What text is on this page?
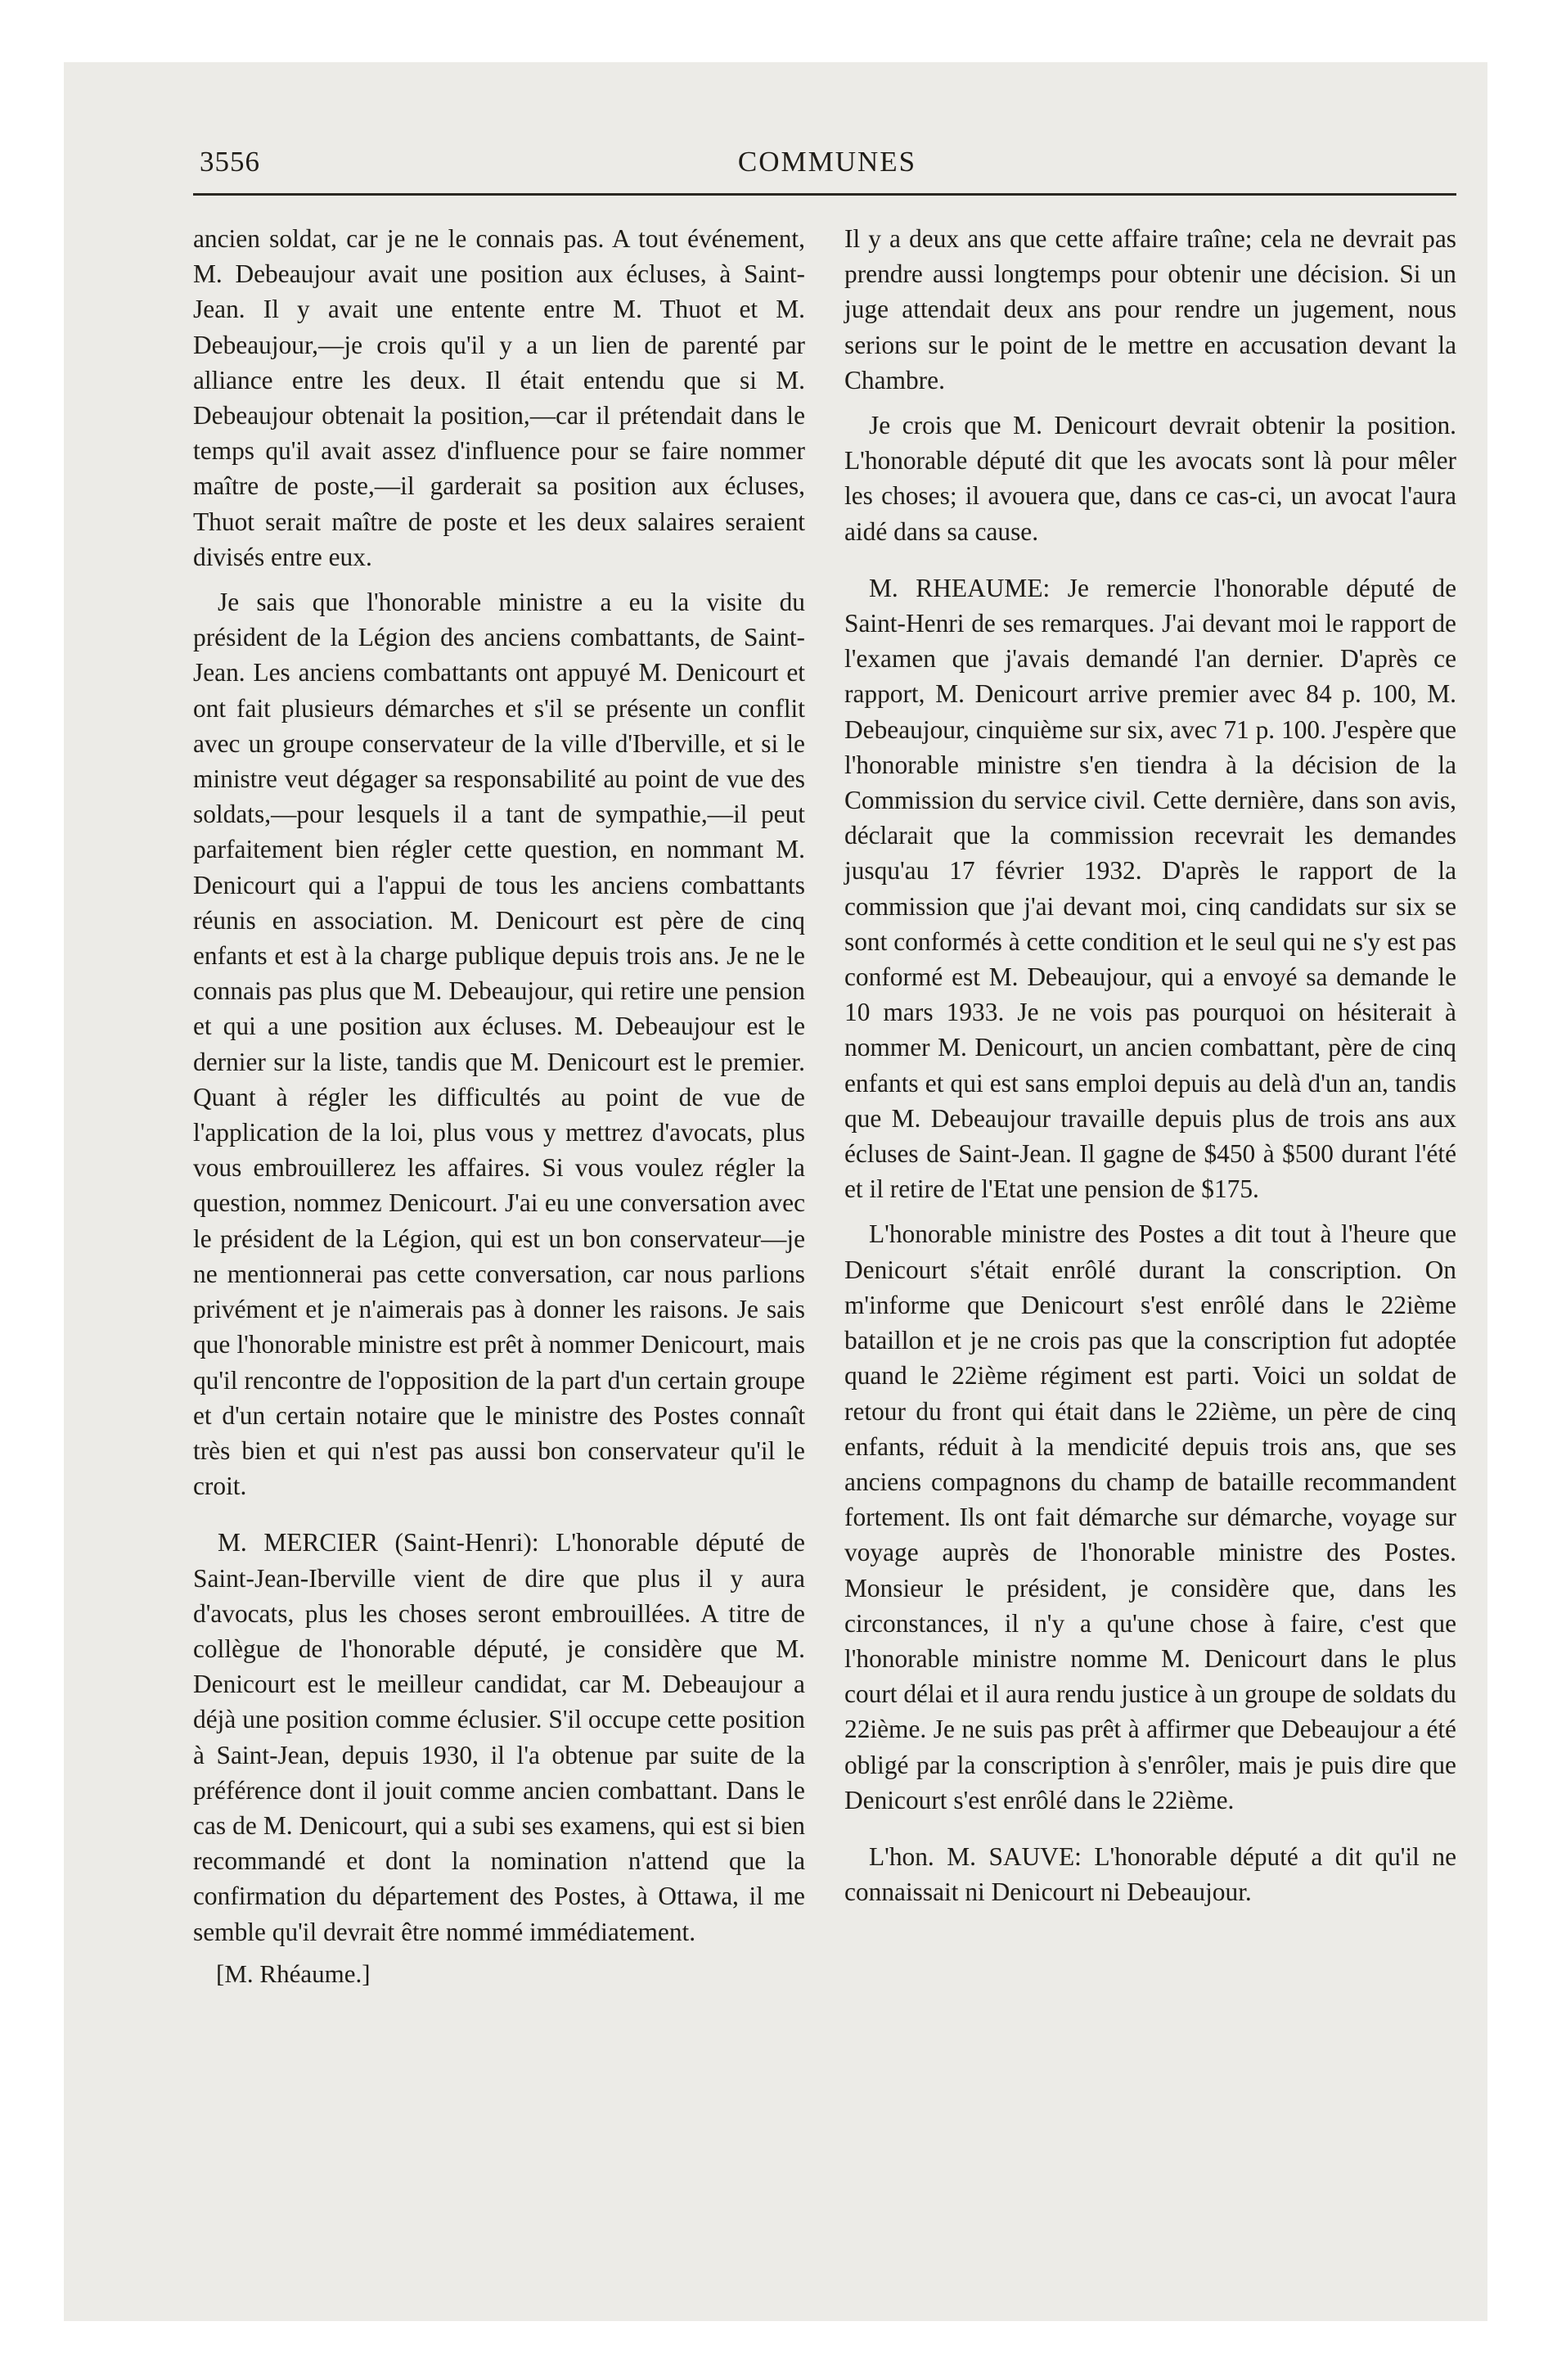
3556	COMMUNES

ancien soldat, car je ne le connais pas. A tout événement, M. Debeaujour avait une position aux écluses, à Saint-Jean. Il y avait une entente entre M. Thuot et M. Debeaujour,—je crois qu'il y a un lien de parenté par alliance entre les deux. Il était entendu que si M. Debeaujour obtenait la position,—car il prétendait dans le temps qu'il avait assez d'influence pour se faire nommer maître de poste,—il garderait sa position aux écluses, Thuot serait maître de poste et les deux salaires seraient divisés entre eux.

Je sais que l'honorable ministre a eu la visite du président de la Légion des anciens combattants, de Saint-Jean. Les anciens combattants ont appuyé M. Denicourt et ont fait plusieurs démarches et s'il se présente un conflit avec un groupe conservateur de la ville d'Iberville, et si le ministre veut dégager sa responsabilité au point de vue des soldats,—pour lesquels il a tant de sympathie,—il peut parfaitement bien régler cette question, en nommant M. Denicourt qui a l'appui de tous les anciens combattants réunis en association. M. Denicourt est père de cinq enfants et est à la charge publique depuis trois ans. Je ne le connais pas plus que M. Debeaujour, qui retire une pension et qui a une position aux écluses. M. Debeaujour est le dernier sur la liste, tandis que M. Denicourt est le premier. Quant à régler les difficultés au point de vue de l'application de la loi, plus vous y mettrez d'avocats, plus vous embrouillerez les affaires. Si vous voulez régler la question, nommez Denicourt. J'ai eu une conversation avec le président de la Légion, qui est un bon conservateur—je ne mentionnerai pas cette conversation, car nous parlions privément et je n'aimerais pas à donner les raisons. Je sais que l'honorable ministre est prêt à nommer Denicourt, mais qu'il rencontre de l'opposition de la part d'un certain groupe et d'un certain notaire que le ministre des Postes connaît très bien et qui n'est pas aussi bon conservateur qu'il le croit.

M. MERCIER (Saint-Henri): L'honorable député de Saint-Jean-Iberville vient de dire que plus il y aura d'avocats, plus les choses seront embrouillées. A titre de collègue de l'honorable député, je considère que M. Denicourt est le meilleur candidat, car M. Debeaujour a déjà une position comme éclusier. S'il occupe cette position à Saint-Jean, depuis 1930, il l'a obtenue par suite de la préférence dont il jouit comme ancien combattant. Dans le cas de M. Denicourt, qui a subi ses examens, qui est si bien recommandé et dont la nomination n'attend que la confirmation du département des Postes, à Ottawa, il me semble qu'il devrait être nommé immédiatement.

[M. Rhéaume.]

Il y a deux ans que cette affaire traîne; cela ne devrait pas prendre aussi longtemps pour obtenir une décision. Si un juge attendait deux ans pour rendre un jugement, nous serions sur le point de le mettre en accusation devant la Chambre.

Je crois que M. Denicourt devrait obtenir la position. L'honorable député dit que les avocats sont là pour mêler les choses; il avouera que, dans ce cas-ci, un avocat l'aura aidé dans sa cause.

M. RHEAUME: Je remercie l'honorable député de Saint-Henri de ses remarques. J'ai devant moi le rapport de l'examen que j'avais demandé l'an dernier. D'après ce rapport, M. Denicourt arrive premier avec 84 p. 100, M. Debeaujour, cinquième sur six, avec 71 p. 100. J'espère que l'honorable ministre s'en tiendra à la décision de la Commission du service civil. Cette dernière, dans son avis, déclarait que la commission recevrait les demandes jusqu'au 17 février 1932. D'après le rapport de la commission que j'ai devant moi, cinq candidats sur six se sont conformés à cette condition et le seul qui ne s'y est pas conformé est M. Debeaujour, qui a envoyé sa demande le 10 mars 1933. Je ne vois pas pourquoi on hésiterait à nommer M. Denicourt, un ancien combattant, père de cinq enfants et qui est sans emploi depuis au delà d'un an, tandis que M. Debeaujour travaille depuis plus de trois ans aux écluses de Saint-Jean. Il gagne de $450 à $500 durant l'été et il retire de l'Etat une pension de $175.

L'honorable ministre des Postes a dit tout à l'heure que Denicourt s'était enrôlé durant la conscription. On m'informe que Denicourt s'est enrôlé dans le 22ième bataillon et je ne crois pas que la conscription fut adoptée quand le 22ième régiment est parti. Voici un soldat de retour du front qui était dans le 22ième, un père de cinq enfants, réduit à la mendicité depuis trois ans, que ses anciens compagnons du champ de bataille recommandent fortement. Ils ont fait démarche sur démarche, voyage sur voyage auprès de l'honorable ministre des Postes. Monsieur le président, je considère que, dans les circonstances, il n'y a qu'une chose à faire, c'est que l'honorable ministre nomme M. Denicourt dans le plus court délai et il aura rendu justice à un groupe de soldats du 22ième. Je ne suis pas prêt à affirmer que Debeaujour a été obligé par la conscription à s'enrôler, mais je puis dire que Denicourt s'est enrôlé dans le 22ième.

L'hon. M. SAUVE: L'honorable député a dit qu'il ne connaissait ni Denicourt ni Debeaujour.
